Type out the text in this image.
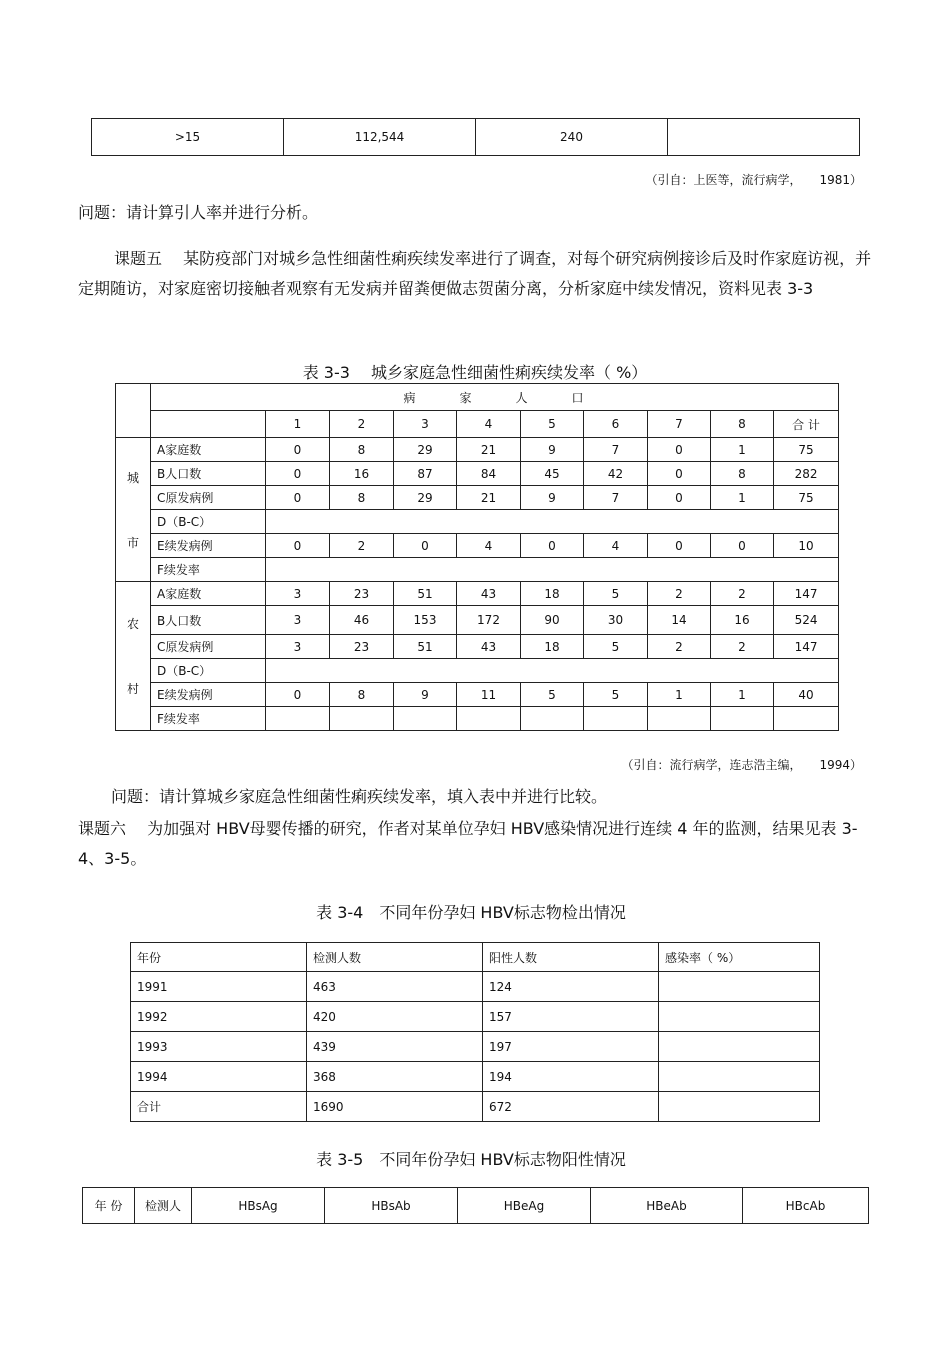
>15	112,544	240	
（引自：上医等，流行病学，　　1981）
问题：请计算引人率并进行分析。
课题五　 某防疫部门对城乡急性细菌性痢疾续发率进行了调查，对每个研究病例接诊后及时作家庭访视，并定期随访，对家庭密切接触者观察有无发病并留粪便做志贺菌分离，分析家庭中续发情况，资料见表 3-3
表 3-3　 城乡家庭急性细菌性痢疾续发率（ %）
	病　　　家　　　人　　　口									
		1	2	3	4	5	6	7	8	合 计

城
市	A家庭数	0	8	29	21	9	7	0	1	75
	B人口数	0	16	87	84	45	42	0	8	282
	C原发病例	0	8	29	21	9	7	0	1	75
	D（B-C）									
	E续发病例	0	2	0	4	0	4	0	0	10
	F续发率									

农
村	A家庭数	3	23	51	43	18	5	2	2	147
	B人口数	3	46	153	172	90	30	14	16	524
	C原发病例	3	23	51	43	18	5	2	2	147
	D（B-C）									
	E续发病例	0	8	9	11	5	5	1	1	40
	F续发率									
（引自：流行病学，连志浩主编，　　1994）
问题：请计算城乡家庭急性细菌性痢疾续发率，填入表中并进行比较。
课题六　 为加强对 HBV母婴传播的研究，作者对某单位孕妇 HBV感染情况进行连续 4 年的监测，结果见表 3-4、3-5。
表 3-4　不同年份孕妇 HBV标志物检出情况
年份	检测人数	阳性人数	感染率（ %）
1991	463	124	
1992	420	157	
1993	439	197	
1994	368	194	
合计	1690	672	
表 3-5　不同年份孕妇 HBV标志物阳性情况
年 份	检测人	HBsAg	HBsAb	HBeAg	HBeAb	HBcAb
